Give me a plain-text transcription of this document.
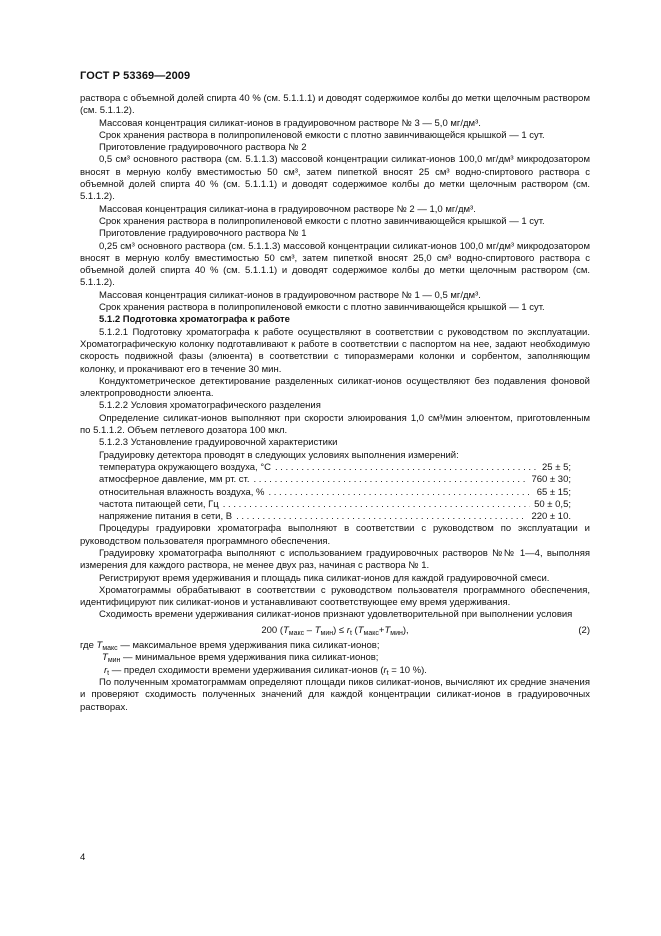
ГОСТ Р 53369—2009

раствора с объемной долей спирта 40 % (см. 5.1.1.1) и доводят содержимое колбы до метки щелочным раствором (см. 5.1.1.2).

Массовая концентрация силикат-ионов в градуировочном растворе № 3 — 5,0 мг/дм³.

Срок хранения раствора в полипропиленовой емкости с плотно завинчивающейся крышкой — 1 сут.

Приготовление градуировочного раствора № 2

0,5 см³ основного раствора (см. 5.1.1.3) массовой концентрации силикат-ионов 100,0 мг/дм³ микродозатором вносят в мерную колбу вместимостью 50 см³, затем пипеткой вносят 25 см³ водно-спиртового раствора с объемной долей спирта 40 % (см. 5.1.1.1) и доводят содержимое колбы до метки щелочным раствором (см. 5.1.1.2).

Массовая концентрация силикат-иона в градуировочном растворе № 2 — 1,0 мг/дм³.

Срок хранения раствора в полипропиленовой емкости с плотно завинчивающейся крышкой — 1 сут.

Приготовление градуировочного раствора № 1

0,25 см³ основного раствора (см. 5.1.1.3) массовой концентрации силикат-ионов 100,0 мг/дм³ микродозатором вносят в мерную колбу вместимостью 50 см³, затем пипеткой вносят 25,0 см³ водно-спиртового раствора с объемной долей спирта 40 % (см. 5.1.1.1) и доводят содержимое колбы до метки щелочным раствором (см. 5.1.1.2).

Массовая концентрация силикат-ионов в градуировочном растворе № 1 — 0,5 мг/дм³.

Срок хранения раствора в полипропиленовой емкости с плотно завинчивающейся крышкой — 1 сут.

5.1.2 Подготовка хроматографа к работе

5.1.2.1 Подготовку хроматографа к работе осуществляют в соответствии с руководством по эксплуатации. Хроматографическую колонку подготавливают к работе в соответствии с паспортом на нее, задают необходимую скорость подвижной фазы (элюента) в соответствии с типоразмерами колонки и сорбентом, заполняющим колонку, и прокачивают его в течение 30 мин.

Кондуктометрическое детектирование разделенных силикат-ионов осуществляют без подавления фоновой электропроводности элюента.

5.1.2.2 Условия хроматографического разделения

Определение силикат-ионов выполняют при скорости элюирования 1,0 см³/мин элюентом, приготовленным по 5.1.1.2. Объем петлевого дозатора 100 мкл.

5.1.2.3 Установление градуировочной характеристики

Градуировку детектора проводят в следующих условиях выполнения измерений:

температура окружающего воздуха, °С . . .	25 ± 5;
атмосферное давление, мм рт. ст. . . .	760 ± 30;
относительная влажность воздуха, % . . .	65 ± 15;
частота питающей сети, Гц . . .	50 ± 0,5;
напряжение питания в сети, В . . .	220 ± 10.

Процедуры градуировки хроматографа выполняют в соответствии с руководством по эксплуатации и руководством пользователя программного обеспечения.

Градуировку хроматографа выполняют с использованием градуировочных растворов №№ 1—4, выполняя измерения для каждого раствора, не менее двух раз, начиная с раствора № 1.

Регистрируют время удерживания и площадь пика силикат-ионов для каждой градуировочной смеси.

Хроматограммы обрабатывают в соответствии с руководством пользователя программного обеспечения, идентифицируют пик силикат-ионов и устанавливают соответствующее ему время удерживания.

Сходимость времени удерживания силикат-ионов признают удовлетворительной при выполнении условия

200 $(T_{макс} - T_{мин}) \le r_t$ $(T_{макс}+T_{мин})$,	(2)

где $T_{макс}$ — максимальное время удерживания пика силикат-ионов;

$T_{мин}$ — минимальное время удерживания пика силикат-ионов;

$r_t$ — предел сходимости времени удерживания силикат-ионов ($r_t = 10$ %).

По полученным хроматограммам определяют площади пиков силикат-ионов, вычисляют их средние значения и проверяют сходимость полученных значений для каждой концентрации силикат-ионов в градуировочных растворах.

4
